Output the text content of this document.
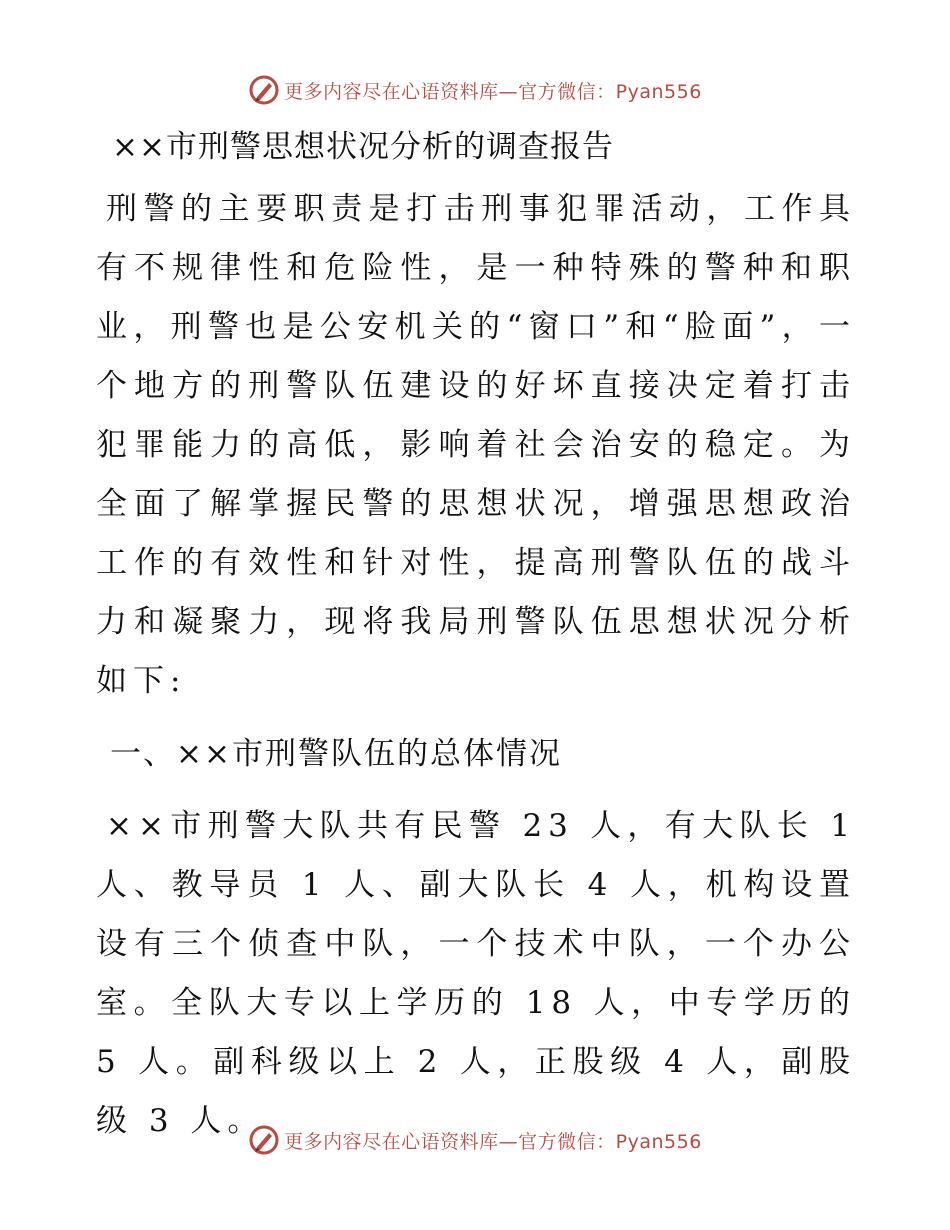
更多内容尽在心语资料库—官方微信：Pyan556
××市刑警思想状况分析的调查报告

刑警的主要职责是打击刑事犯罪活动，工作具有不规律性和危险性，是一种特殊的警种和职业，刑警也是公安机关的“窗口”和“脸面”，一个地方的刑警队伍建设的好坏直接决定着打击犯罪能力的高低，影响着社会治安的稳定。为全面了解掌握民警的思想状况，增强思想政治工作的有效性和针对性，提高刑警队伍的战斗力和凝聚力，现将我局刑警队伍思想状况分析如下:

一、××市刑警队伍的总体情况

××市刑警大队共有民警 23 人，有大队长 1 人、教导员 1 人、副大队长 4 人，机构设置设有三个侦查中队，一个技术中队，一个办公室。全队大专以上学历的 18 人，中专学历的 5 人。副科级以上 2 人，正股级 4 人，副股级 3 人。

更多内容尽在心语资料库—官方微信：Pyan556
